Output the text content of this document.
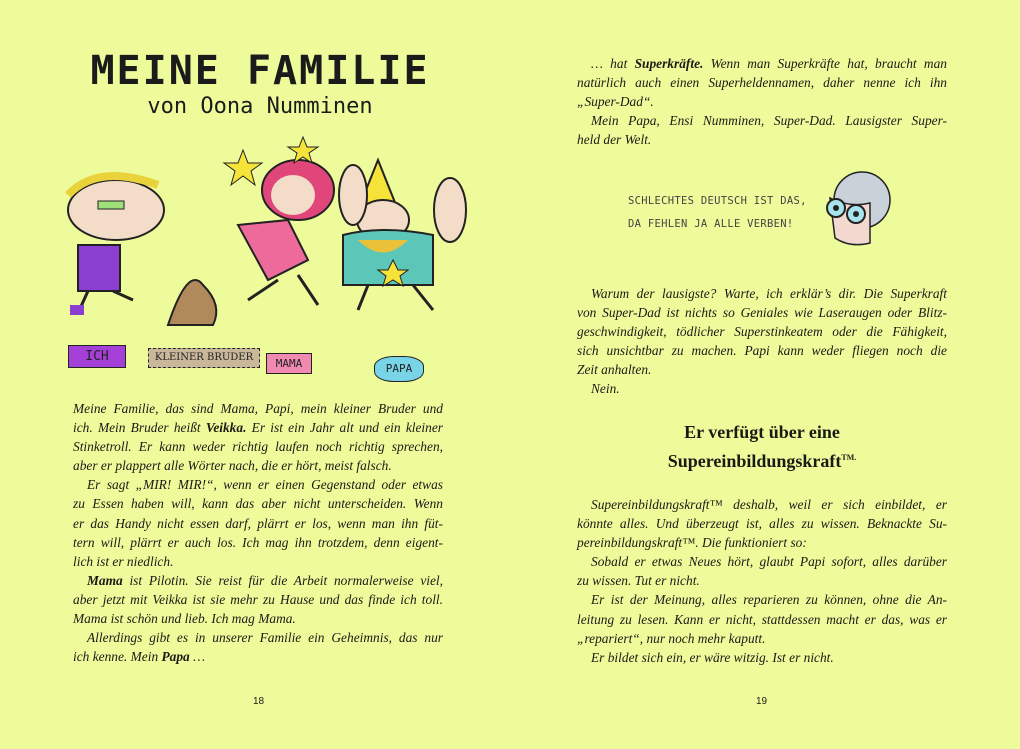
MEINE FAMILIE
von Oona Numminen
ICH	KLEINER BRUDER	MAMA	PAPA
Meine Familie, das sind Mama, Papi, mein kleiner Bruder und
ich. Mein Bruder heißt Veikka. Er ist ein Jahr alt und ein kleiner
Stinketroll. Er kann weder richtig laufen noch richtig sprechen,
aber er plappert alle Wörter nach, die er hört, meist falsch.
Er sagt „MIR! MIR!“, wenn er einen Gegenstand oder etwas
zu Essen haben will, kann das aber nicht unterscheiden. Wenn
er das Handy nicht essen darf, plärrt er los, wenn man ihn füt-
tern will, plärrt er auch los. Ich mag ihn trotzdem, denn eigent-
lich ist er niedlich.
Mama ist Pilotin. Sie reist für die Arbeit normalerweise viel,
aber jetzt mit Veikka ist sie mehr zu Hause und das finde ich toll.
Mama ist schön und lieb. Ich mag Mama.
Allerdings gibt es in unserer Familie ein Geheimnis, das nur
ich kenne. Mein Papa …
… hat Superkräfte. Wenn man Superkräfte hat, braucht man
natürlich auch einen Superheldennamen, daher nenne ich ihn
„Super-Dad“.
Mein Papa, Ensi Numminen, Super-Dad. Lausigster Super-
held der Welt.
SCHLECHTES DEUTSCH IST DAS,
DA FEHLEN JA ALLE VERBEN!
Warum der lausigste? Warte, ich erklär’s dir. Die Superkraft
von Super-Dad ist nichts so Geniales wie Laseraugen oder Blitz-
geschwindigkeit, tödlicher Superstinkeatem oder die Fähigkeit,
sich unsichtbar zu machen. Papi kann weder fliegen noch die
Zeit anhalten.
Nein.
Er verfügt über eine
Supereinbildungskraft$^{TM.}$
Supereinbildungskraft™ deshalb, weil er sich einbildet, er
könnte alles. Und überzeugt ist, alles zu wissen. Beknackte Su-
pereinbildungskraft™. Die funktioniert so:
Sobald er etwas Neues hört, glaubt Papi sofort, alles darüber
zu wissen. Tut er nicht.
Er ist der Meinung, alles reparieren zu können, ohne die An-
leitung zu lesen. Kann er nicht, stattdessen macht er das, was er
„repariert“, nur noch mehr kaputt.
Er bildet sich ein, er wäre witzig. Ist er nicht.
18	19
